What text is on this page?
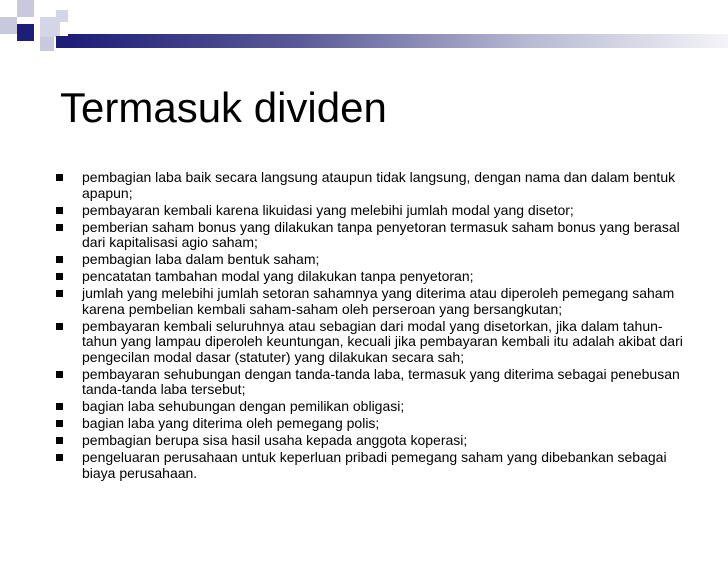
Termasuk dividen
pembagian laba baik secara langsung ataupun tidak langsung, dengan nama dan dalam bentuk apapun;
pembayaran kembali karena likuidasi yang melebihi jumlah modal yang disetor;
pemberian saham bonus yang dilakukan tanpa penyetoran termasuk saham bonus yang berasal dari kapitalisasi agio saham;
pembagian laba dalam bentuk saham;
pencatatan tambahan modal yang dilakukan tanpa penyetoran;
jumlah yang melebihi jumlah setoran sahamnya yang diterima atau diperoleh pemegang saham karena pembelian kembali saham-saham oleh perseroan yang bersangkutan;
pembayaran kembali seluruhnya atau sebagian dari modal yang disetorkan, jika dalam tahun-tahun yang lampau diperoleh keuntungan, kecuali jika pembayaran kembali itu adalah akibat dari pengecilan modal dasar (statuter) yang dilakukan secara sah;
pembayaran sehubungan dengan tanda-tanda laba, termasuk yang diterima sebagai penebusan tanda-tanda laba tersebut;
bagian laba sehubungan dengan pemilikan obligasi;
bagian laba yang diterima oleh pemegang polis;
pembagian berupa sisa hasil usaha kepada anggota koperasi;
pengeluaran perusahaan untuk keperluan pribadi pemegang saham yang dibebankan sebagai biaya perusahaan.
